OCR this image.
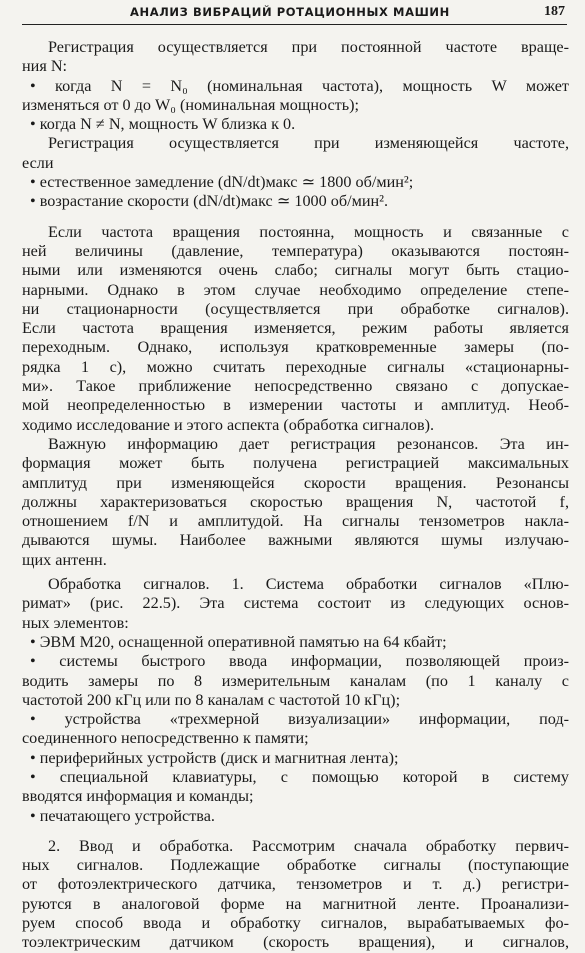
АНАЛИЗ ВИБРАЦИЙ РОТАЦИОННЫХ МАШИН	187
Регистрация осуществляется при постоянной частоте враще-
ния N:
• когда N = N₀ (номинальная частота), мощность W может
изменяться от 0 до W₀ (номинальная мощность);
• когда N ≠ N, мощность W близка к 0.
Регистрация осуществляется при изменяющейся частоте,
если
• естественное замедление (dN/dt)макс ≃ 1800 об/мин²;
• возрастание скорости (dN/dt)макс ≃ 1000 об/мин².
Если частота вращения постоянна, мощность и связанные с
ней величины (давление, температура) оказываются постоян-
ными или изменяются очень слабо; сигналы могут быть стацио-
нарными. Однако в этом случае необходимо определение степе-
ни стационарности (осуществляется при обработке сигналов).
Если частота вращения изменяется, режим работы является
переходным. Однако, используя кратковременные замеры (по-
рядка 1 с), можно считать переходные сигналы «стационарны-
ми». Такое приближение непосредственно связано с допускае-
мой неопределенностью в измерении частоты и амплитуд. Необ-
ходимо исследование и этого аспекта (обработка сигналов).
Важную информацию дает регистрация резонансов. Эта ин-
формация может быть получена регистрацией максимальных
амплитуд при изменяющейся скорости вращения. Резонансы
должны характеризоваться скоростью вращения N, частотой f,
отношением f/N и амплитудой. На сигналы тензометров накла-
дываются шумы. Наиболее важными являются шумы излучаю-
щих антенн.
Обработка сигналов. 1. Система обработки сигналов «Плю-
римат» (рис. 22.5). Эта система состоит из следующих основ-
ных элементов:
• ЭВМ М20, оснащенной оперативной памятью на 64 кбайт;
• системы быстрого ввода информации, позволяющей произ-
водить замеры по 8 измерительным каналам (по 1 каналу с
частотой 200 кГц или по 8 каналам с частотой 10 кГц);
• устройства «трехмерной визуализации» информации, под-
соединенного непосредственно к памяти;
• периферийных устройств (диск и магнитная лента);
• специальной клавиатуры, с помощью которой в систему
вводятся информация и команды;
• печатающего устройства.
2. Ввод и обработка. Рассмотрим сначала обработку первич-
ных сигналов. Подлежащие обработке сигналы (поступающие
от фотоэлектрического датчика, тензометров и т. д.) регистри-
руются в аналоговой форме на магнитной ленте. Проанализи-
руем способ ввода и обработку сигналов, вырабатываемых фо-
тоэлектрическим датчиком (скорость вращения), и сигналов,
